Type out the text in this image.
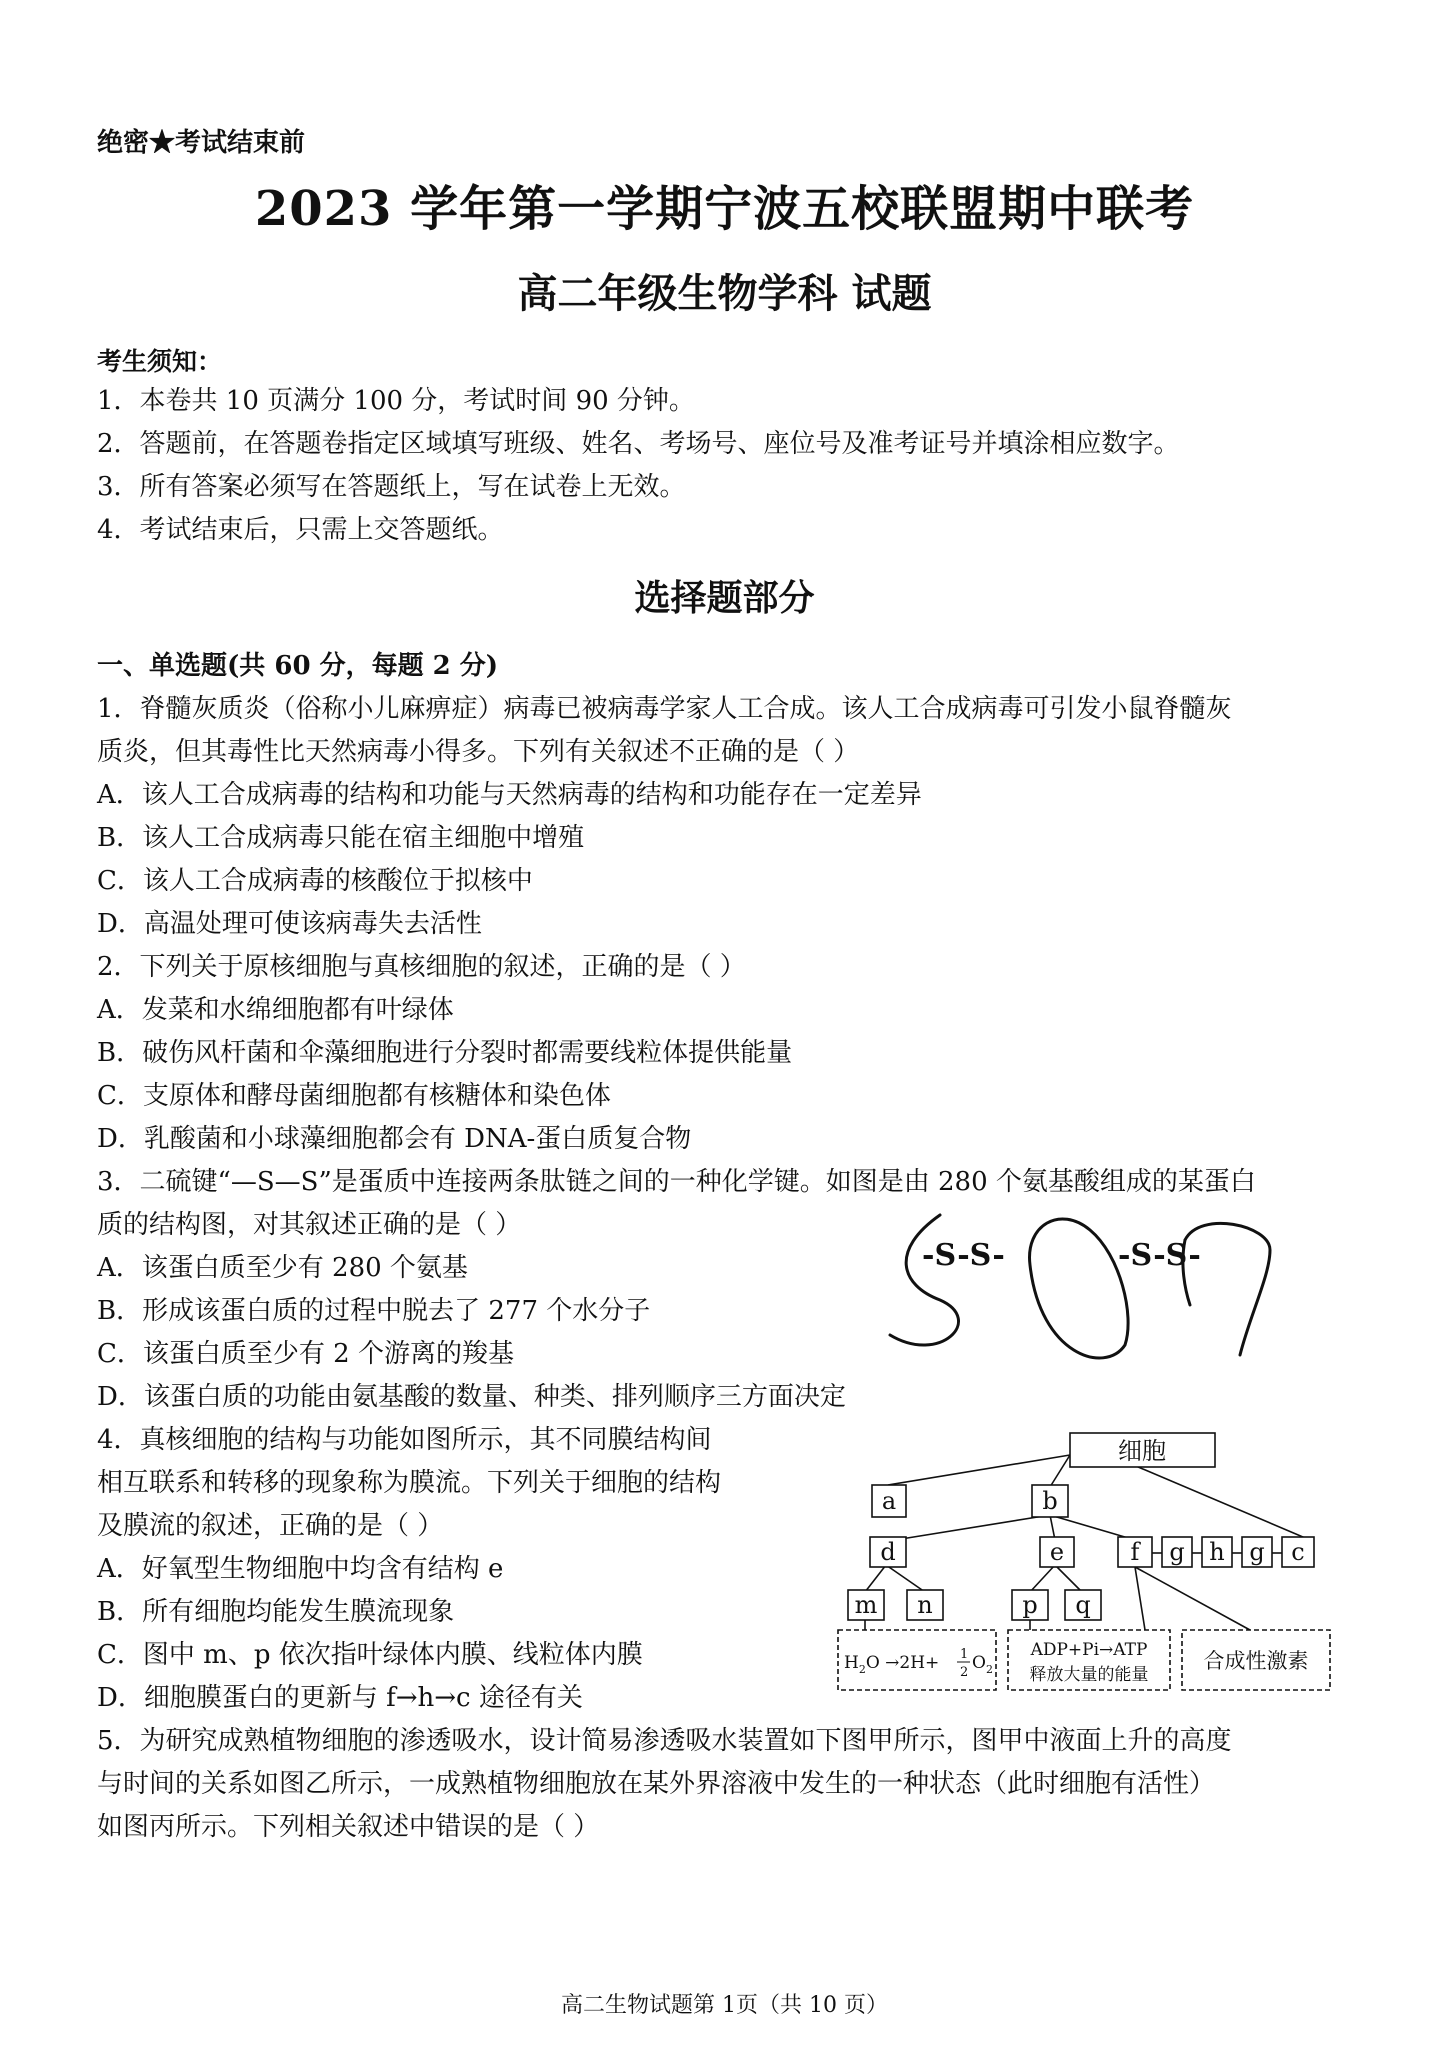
绝密★考试结束前
2023 学年第一学期宁波五校联盟期中联考
高二年级生物学科 试题
考生须知：
1．本卷共 10 页满分 100 分，考试时间 90 分钟。
2．答题前，在答题卷指定区域填写班级、姓名、考场号、座位号及准考证号并填涂相应数字。
3．所有答案必须写在答题纸上，写在试卷上无效。
4．考试结束后，只需上交答题纸。
选择题部分
一、单选题(共 60 分，每题 2 分)
1．脊髓灰质炎（俗称小儿麻痹症）病毒已被病毒学家人工合成。该人工合成病毒可引发小鼠脊髓灰
质炎，但其毒性比天然病毒小得多。下列有关叙述不正确的是（ ）
A．该人工合成病毒的结构和功能与天然病毒的结构和功能存在一定差异
B．该人工合成病毒只能在宿主细胞中增殖
C．该人工合成病毒的核酸位于拟核中
D．高温处理可使该病毒失去活性
2．下列关于原核细胞与真核细胞的叙述，正确的是（ ）
A．发菜和水绵细胞都有叶绿体
B．破伤风杆菌和伞藻细胞进行分裂时都需要线粒体提供能量
C．支原体和酵母菌细胞都有核糖体和染色体
D．乳酸菌和小球藻细胞都会有 DNA-蛋白质复合物
3．二硫键“—S—S”是蛋质中连接两条肽链之间的一种化学键。如图是由 280 个氨基酸组成的某蛋白
质的结构图，对其叙述正确的是（ ）
A．该蛋白质至少有 280 个氨基
B．形成该蛋白质的过程中脱去了 277 个水分子
C．该蛋白质至少有 2 个游离的羧基
D．该蛋白质的功能由氨基酸的数量、种类、排列顺序三方面决定
-S-S-	-S-S-
4．真核细胞的结构与功能如图所示，其不同膜结构间
相互联系和转移的现象称为膜流。下列关于细胞的结构
及膜流的叙述，正确的是（ ）
A．好氧型生物细胞中均含有结构 e
B．所有细胞均能发生膜流现象
C．图中 m、p 依次指叶绿体内膜、线粒体内膜
D．细胞膜蛋白的更新与 f→h→c 途径有关
细胞
a	b
d	e	f g h g c
m n	p q
$H_2O \to 2H+ 1$
2 $O_2$
ADP+Pi→ATP
释放大量的能量
合成性激素
5．为研究成熟植物细胞的渗透吸水，设计简易渗透吸水装置如下图甲所示，图甲中液面上升的高度
与时间的关系如图乙所示，一成熟植物细胞放在某外界溶液中发生的一种状态（此时细胞有活性）
如图丙所示。下列相关叙述中错误的是（ ）
高二生物试题第 1页（共 10 页）
